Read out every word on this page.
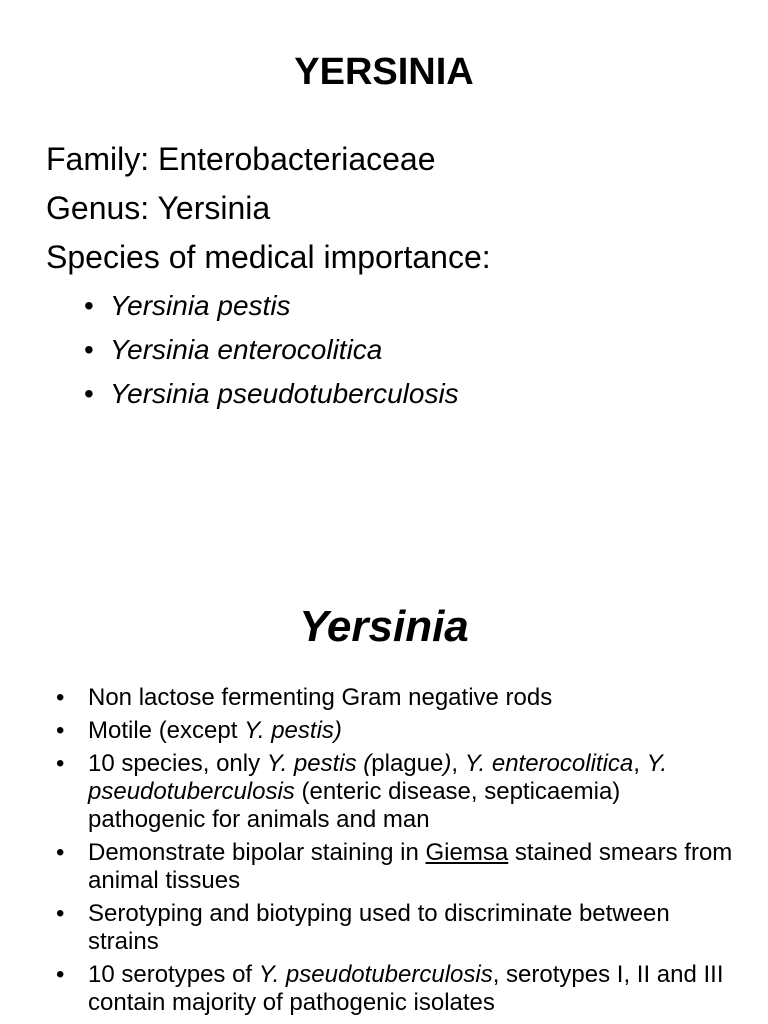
YERSINIA

Family: Enterobacteriaceae

Genus: Yersinia

Species of medical importance:

• Yersinia pestis
• Yersinia enterocolitica
• Yersinia pseudotuberculosis
Yersinia
• Non lactose fermenting Gram negative rods
• Motile (except Y. pestis)
• 10 species, only Y. pestis (plague), Y. enterocolitica, Y. pseudotuberculosis (enteric disease, septicaemia) pathogenic for animals and man
• Demonstrate bipolar staining in Giemsa stained smears from animal tissues
• Serotyping and biotyping used to discriminate between strains
• 10 serotypes of Y. pseudotuberculosis, serotypes I, II and III contain majority of pathogenic isolates
